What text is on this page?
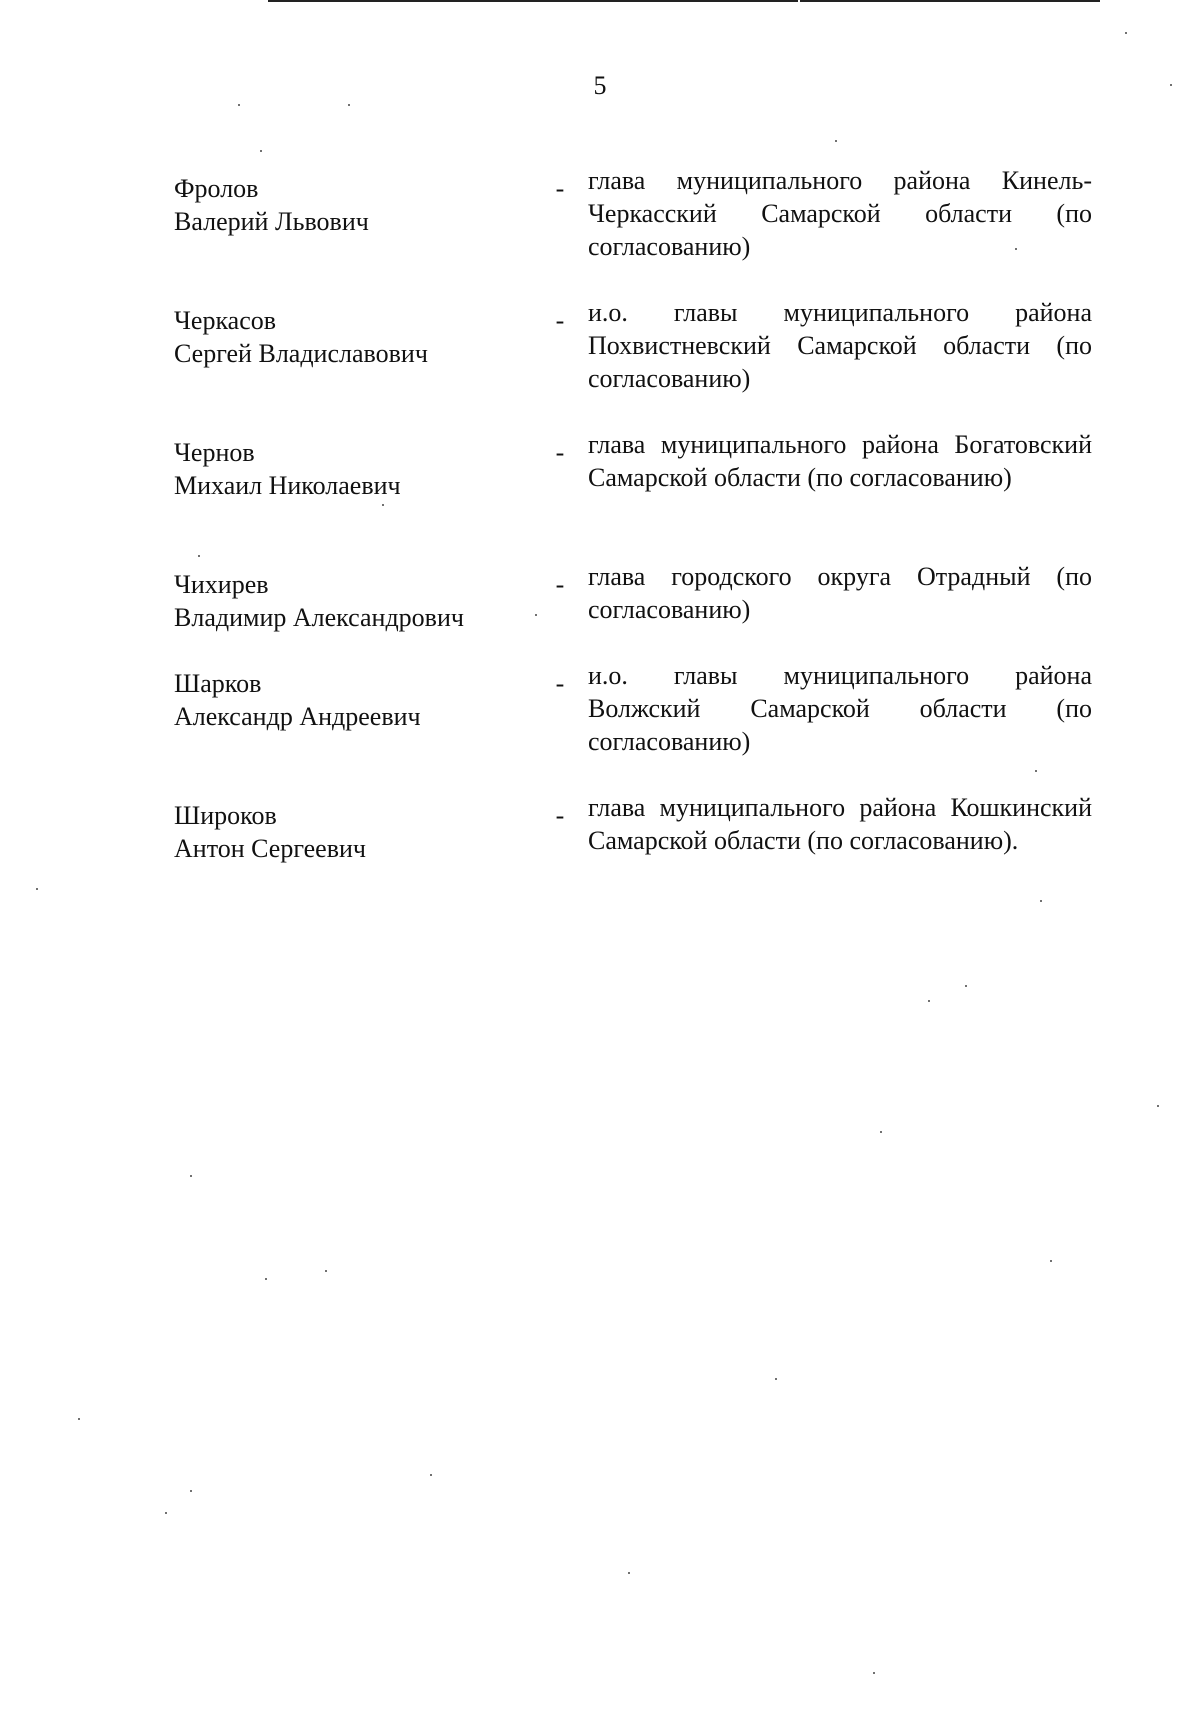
5
Фролов
Валерий Львович
- глава муниципального района Кинель-Черкасский Самарской области (по согласованию)
Черкасов
Сергей Владиславович
- и.о. главы муниципального района Похвистневский Самарской области (по согласованию)
Чернов
Михаил Николаевич
- глава муниципального района Богатовский Самарской области (по согласованию)
Чихирев
Владимир Александрович
- глава городского округа Отрадный (по согласованию)
Шарков
Александр Андреевич
- и.о. главы муниципального района Волжский Самарской области (по согласованию)
Широков
Антон Сергеевич
- глава муниципального района Кошкинский Самарской области (по согласованию).
